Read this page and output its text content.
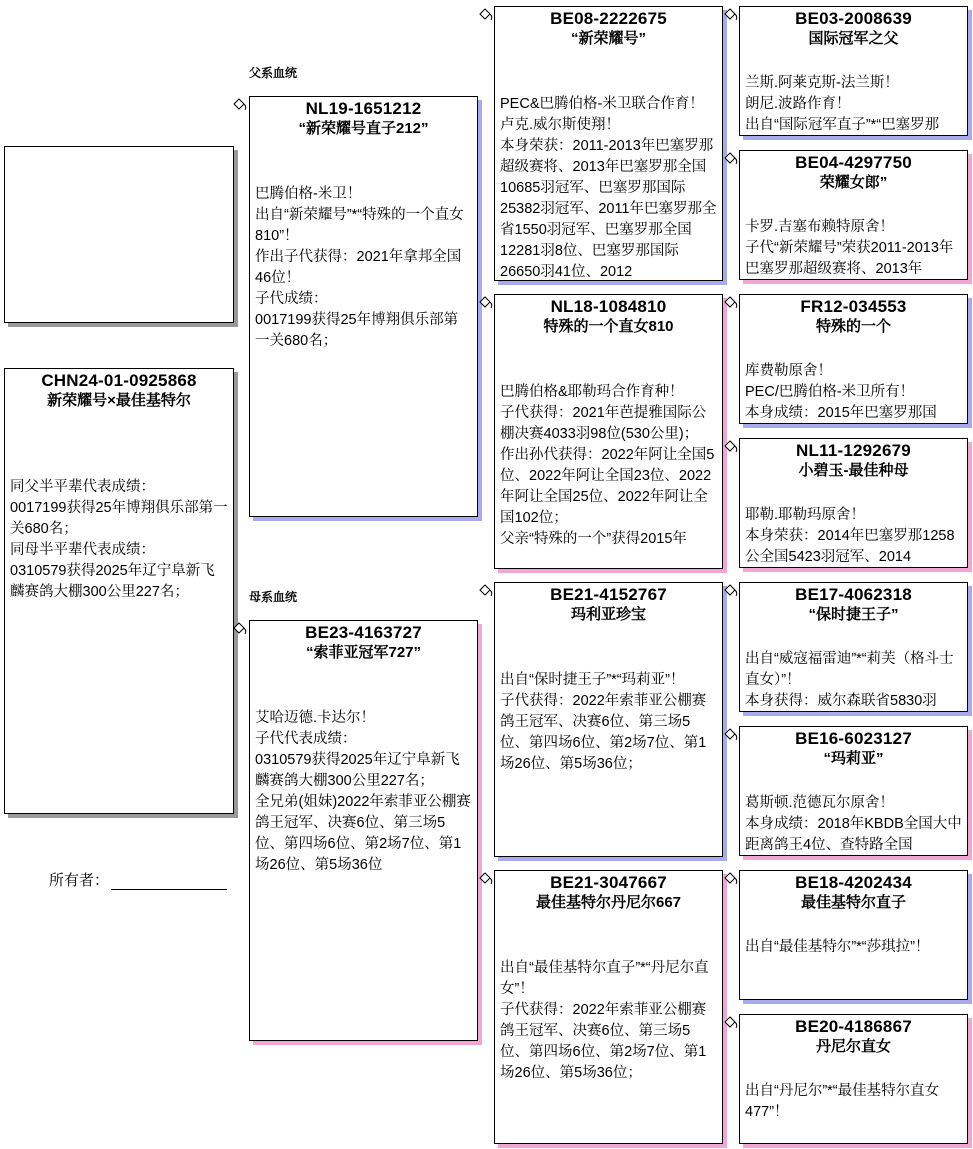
CHN24-01-0925868
新荣耀号×最佳基特尔
同父半平辈代表成绩：
0017199获得25年博翔俱乐部第一关680名；
同母半平辈代表成绩：
0310579获得2025年辽宁阜新飞麟赛鸽大棚300公里227名；
所有者：
父系血统
母系血统
NL19-1651212
“新荣耀号直子212”
巴腾伯格-米卫！
出自“新荣耀号”*“特殊的一个直女810”！
作出子代获得：2021年拿邦全国46位！
子代成绩：
0017199获得25年博翔俱乐部第一关680名；
BE23-4163727
“索菲亚冠军727”
艾哈迈德.卡达尔！
子代代表成绩：
0310579获得2025年辽宁阜新飞麟赛鸽大棚300公里227名；
全兄弟(姐妹)2022年索菲亚公棚赛鸽王冠军、决赛6位、第三场5位、第四场6位、第2场7位、第1场26位、第5场36位
BE08-2222675
“新荣耀号”
PEC&巴腾伯格-米卫联合作育！卢克.威尔斯使翔！
本身荣获：2011-2013年巴塞罗那超级赛将、2013年巴塞罗那全国10685羽冠军、巴塞罗那国际25382羽冠军、2011年巴塞罗那全省1550羽冠军、巴塞罗那全国12281羽8位、巴塞罗那国际26650羽41位、2012
NL18-1084810
特殊的一个直女810
巴腾伯格&耶勒玛合作育种！
子代获得：2021年芭提雅国际公棚决赛4033羽98位(530公里)；
作出孙代获得：2022年阿让全国5位、2022年阿让全国23位、2022年阿让全国25位、2022年阿让全国102位；
父亲“特殊的一个”获得2015年
BE21-4152767
玛利亚珍宝
出自“保时捷王子”*“玛莉亚”！
子代获得：2022年索菲亚公棚赛鸽王冠军、决赛6位、第三场5位、第四场6位、第2场7位、第1场26位、第5场36位；
BE21-3047667
最佳基特尔丹尼尔667
出自“最佳基特尔直子”*“丹尼尔直女”！
子代获得：2022年索菲亚公棚赛鸽王冠军、决赛6位、第三场5位、第四场6位、第2场7位、第1场26位、第5场36位；
BE03-2008639
国际冠军之父
兰斯.阿莱克斯-法兰斯！
朗尼.波路作育！
出自“国际冠军直子”*“巴塞罗那
BE04-4297750
荣耀女郎”
卡罗.吉塞布赖特原舍！
子代“新荣耀号”荣获2011-2013年巴塞罗那超级赛将、2013年
FR12-034553
特殊的一个
库费勒原舍！
PEC/巴腾伯格-米卫所有！
本身成绩：2015年巴塞罗那国
NL11-1292679
小碧玉-最佳种母
耶勒.耶勒玛原舍！
本身荣获：2014年巴塞罗那1258公全国5423羽冠军、2014
BE17-4062318
“保时捷王子”
出自“威寇福雷迪”*“莉芙（格斗士直女）”！
本身获得：威尔森联省5830羽
BE16-6023127
“玛莉亚”
葛斯顿.范德瓦尔原舍！
本身成绩：2018年KBDB全国大中距离鸽王4位、查特路全国
BE18-4202434
最佳基特尔直子
出自“最佳基特尔”*“莎琪拉”！
BE20-4186867
丹尼尔直女
出自“丹尼尔”*“最佳基特尔直女477”！
